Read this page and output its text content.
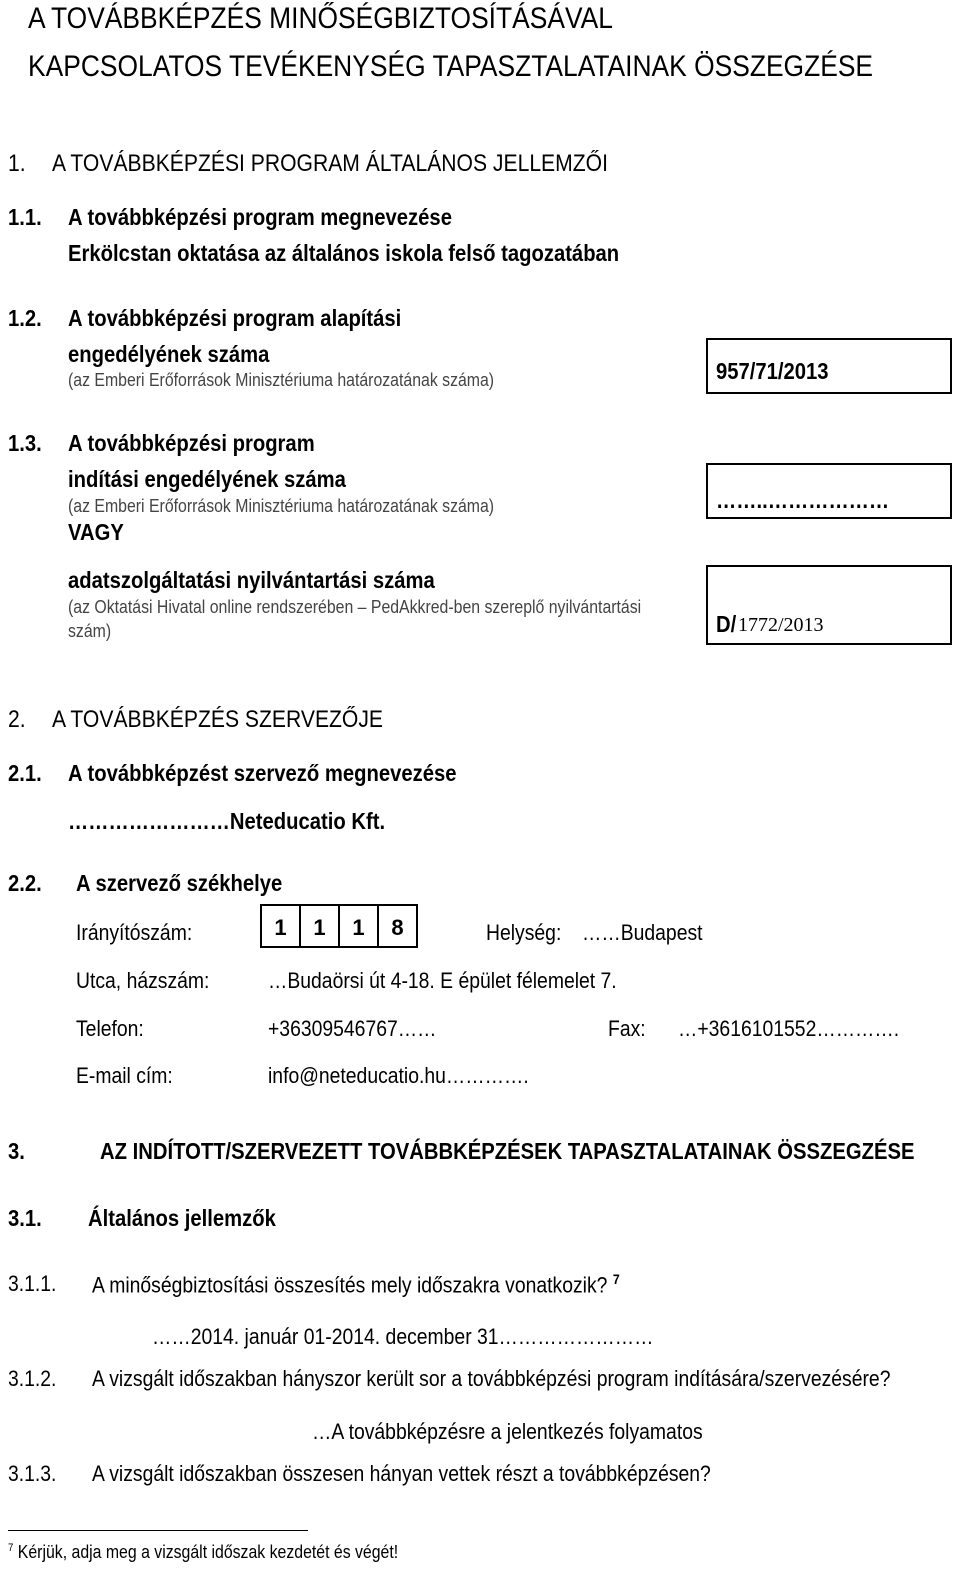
A TOVÁBBKÉPZÉS MINŐSÉGBIZTOSÍTÁSÁVAL
KAPCSOLATOS TEVÉKENYSÉG TAPASZTALATAINAK ÖSSZEGZÉSE
1. A TOVÁBBKÉPZÉSI PROGRAM ÁLTALÁNOS JELLEMZŐI
1.1. A továbbképzési program megnevezése
Erkölcstan oktatása az általános iskola felső tagozatában
1.2. A továbbképzési program alapítási
engedélyének száma
(az Emberi Erőforrások Minisztériuma határozatának száma)	957/71/2013
1.3. A továbbképzési program
indítási engedélyének száma
(az Emberi Erőforrások Minisztériuma határozatának száma)
VAGY
……..………………
adatszolgáltatási nyilvántartási száma
(az Oktatási Hivatal online rendszerében – PedAkkred-ben szereplő nyilvántartási
szám)	D/ 1772/2013
2. A TOVÁBBKÉPZÉS SZERVEZŐJE
2.1. A továbbképzést szervező megnevezése
……………………Neteducatio Kft.
2.2. A szervező székhelye
Irányítószám:	1	1	1	8	Helység: ……Budapest
Utca, házszám:	…Budaörsi út 4-18. E épület félemelet 7.
Telefon:	+36309546767……	Fax: …+3616101552………….
E-mail cím:	info@neteducatio.hu………….
3.	AZ INDÍTOTT/SZERVEZETT TOVÁBBKÉPZÉSEK TAPASZTALATAINAK ÖSSZEGZÉSE
3.1. Általános jellemzők
3.1.1.	A minőségbiztosítási összesítés mely időszakra vonatkozik? $^7$
……2014. január 01-2014. december 31……………………
3.1.2.	A vizsgált időszakban hányszor került sor a továbbképzési program indítására/szervezésére?
…A továbbképzésre a jelentkezés folyamatos
3.1.3.	A vizsgált időszakban összesen hányan vettek részt a továbbképzésen?
$^7$ Kérjük, adja meg a vizsgált időszak kezdetét és végét!
